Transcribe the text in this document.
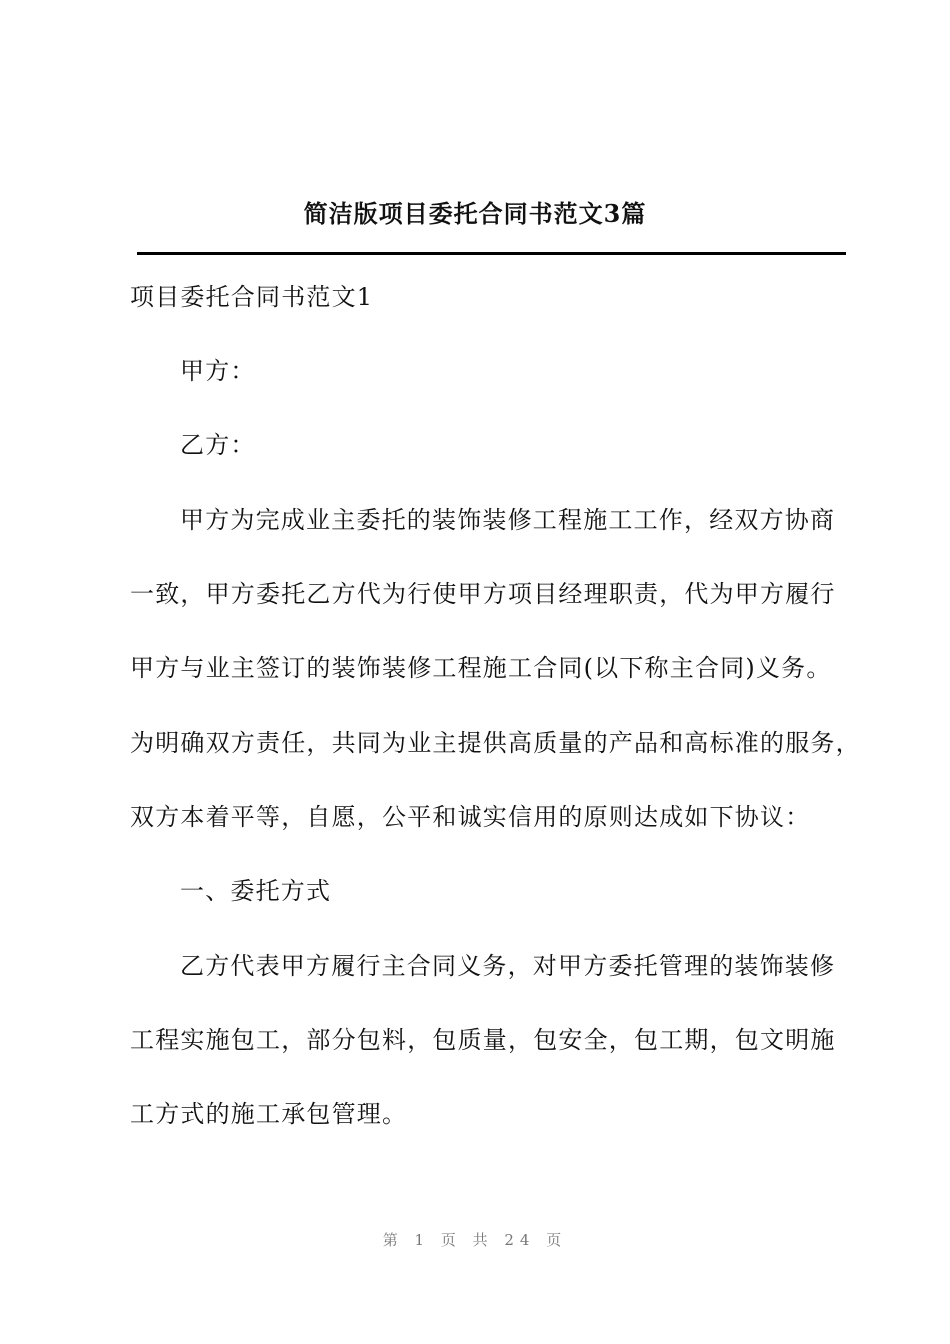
简洁版项目委托合同书范文3篇
项目委托合同书范文1
甲方：
乙方：
甲方为完成业主委托的装饰装修工程施工工作，经双方协商
一致，甲方委托乙方代为行使甲方项目经理职责，代为甲方履行
甲方与业主签订的装饰装修工程施工合同(以下称主合同)义务。
为明确双方责任，共同为业主提供高质量的产品和高标准的服务，
双方本着平等，自愿，公平和诚实信用的原则达成如下协议：
一、委托方式
乙方代表甲方履行主合同义务，对甲方委托管理的装饰装修
工程实施包工，部分包料，包质量，包安全，包工期，包文明施
工方式的施工承包管理。
第 1 页 共 24 页
